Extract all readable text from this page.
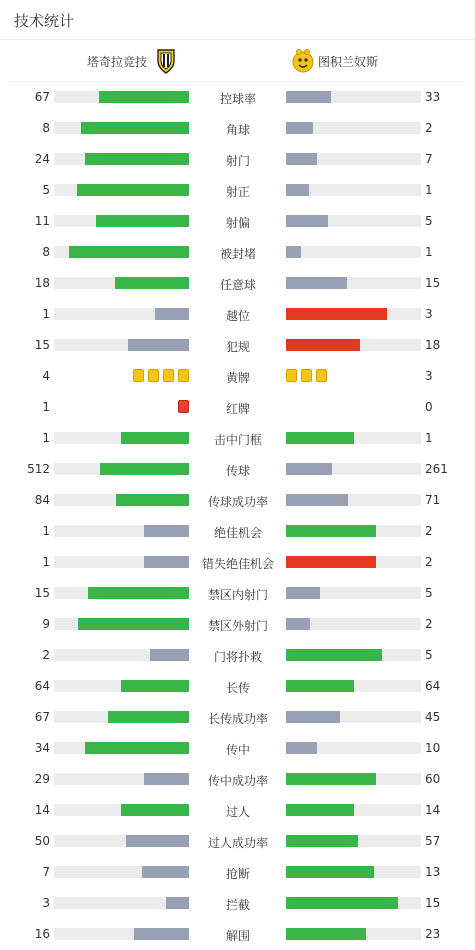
技术统计
塔奇拉竞技	图积兰奴斯
67	控球率	33
8	角球	2
24	射门	7
5	射正	1
11	射偏	5
8	被封堵	1
18	任意球	15
1	越位	3
15	犯规	18
4	黄牌	3
1	红牌	0
1	击中门框	1
512	传球	261
84	传球成功率	71
1	绝佳机会	2
1	错失绝佳机会	2
15	禁区内射门	5
9	禁区外射门	2
2	门将扑救	5
64	长传	64
67	长传成功率	45
34	传中	10
29	传中成功率	60
14	过人	14
50	过人成功率	57
7	抢断	13
3	拦截	15
16	解围	23
